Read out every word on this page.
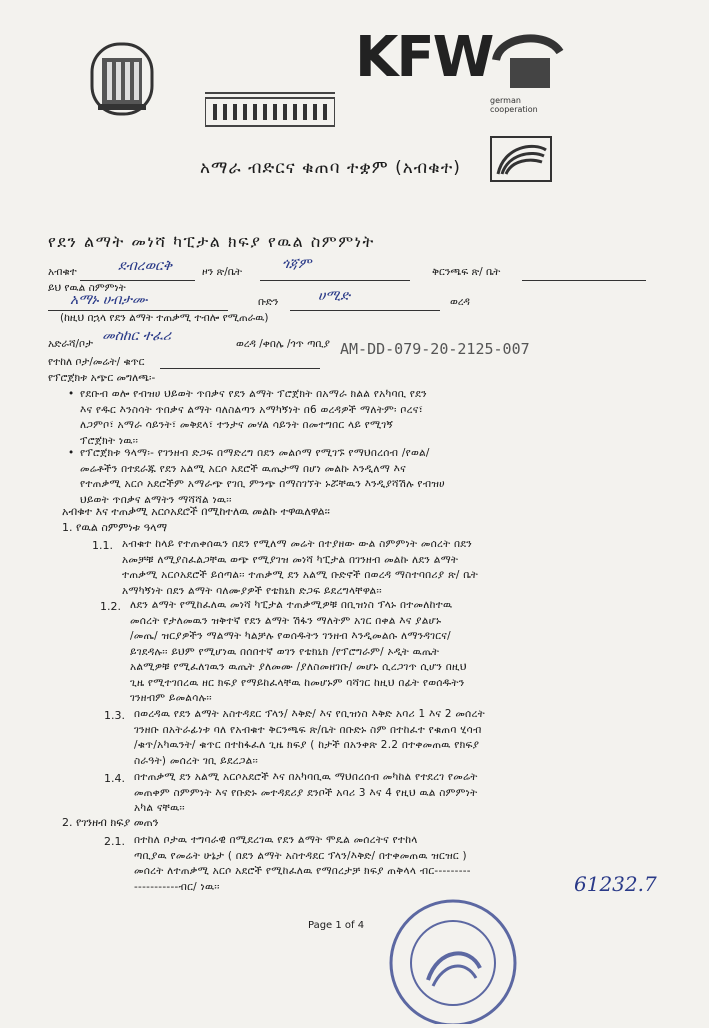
KFW
german cooperation
አማራ ብድርና ቁጠባ ተቋም (አብቁተ)
የደን ልማት መነሻ ካፒታል ክፍያ የዉል ስምምነት
አብቁተ	ደብረወርቅ	ዞን ጽ/ቤት	ጎጃም	ቅርንጫፍ ጽ/ ቤት
ይህ የዉል ስምምነት
አማኑ ሀብታሙ	ቡድን	ሀሚድ	ወረዳ
(ከዚህ በኋላ የደን ልማት ተጠቃሚ ተብሎ የሚጠራዉ)
አድራሻ/ቦታ መስከር ተፈሪ	ወረዳ /ቀበሌ /ጎጥ ጣቢያ
የተከለ ቦታ/መሬት/ ቁጥር
AM-DD-079-20-2125-007
የፕሮጀክቱ አጭር መግለጫ፡-
• የደቡብ ወሎ የብዝሀ ህይወት ጥበቃና የደን ልማት ፕሮጀክት በአማራ ክልል የአካባቢ የደን
እና የዱር እንስሳት ጥበቃና ልማት ባለስልጣን አማካኝነት በ6 ወረዳዎች ማለትም፡ ቦረና፣
ለጋምቦ፣ አማራ ሳይንት፣ መቅደላ፣ ተንታና መሃል ሳይንት በመተግበር ላይ የሚገኝ
ፕሮጀክት ነዉ፡፡
• የፕሮጀክቱ ዓላማ፡- የገንዘብ ድጋፍ በማድረግ በደን መልሶማ የሚገኙ የማህበረሰብ /የወል/
መሬቶችን በተደራጁ የደን አልሚ አርሶ አደሮች ዉጤታማ በሆነ መልኩ እንዲለማ እና
የተጠቃሚ አርሶ አደሮችም አማራጭ የገቢ ምንጭ በማስገኘት ኑሯቸዉን እንዲያሻሽሉ የብዝሀ
ህይወት ጥበቃና ልማትን ማሻሻል ነዉ፡፡
አብቁተ እና ተጠቃሚ አርሶአደሮች በሚከተለዉ መልኩ ተዋዉለዋል፡፡
1. የዉል ስምምነቱ ዓላማ
1.1. አብቁተ ከላይ የተጠቀሰዉን በደን የሚለማ መሬት በተያዘው ውል ስምምነት መሰረት በደን
አመቻቹ ለሚያስፈልጋቸዉ ወጭ የሚያገዝ መነሻ ካፒታል በገንዘብ መልኩ ለደን ልማት
ተጠቃሚ አርሶአደሮች ይሰጣል፡፡ ተጠቃሚ ደን አልሚ ቡድኖች በወረዳ ማስተባበሪያ ጽ/ ቤት
አማካኝነት በደን ልማት ባለሙያዎች የቴክኒክ ድጋፍ ይደረግላቸዋል፡፡
1.2. ለደን ልማት የሚከፈለዉ መነሻ ካፒታል ተጠቃሚዎቹ በቢዝነስ ፕላኑ በተመለከተዉ
መሰረት የታለመዉን ዝቅተኛ የደን ልማት ሽፋን ማለትም አገር በቀል እና ያልሆኑ
/መጤ/ ዝርያዎችን ማልማት ካልቻሉ የወሰዱትን ገንዘብ እንዲመልሱ ለማንዳገርና/
ይገደዳሉ፡፡ ይህም የሚሆነዉ በሰበተኛ ወገን የቴክኒክ /የፕሮግራም/ ኦዲት ዉጤት
አልሚዎቹ የሚፈለገዉን ዉጤት ያለመሙ /ያለስመዘገቡ/ መሆኑ ሲረጋገጥ ሲሆን በዚህ
ጊዜ የሚተገበረዉ ዘር ክፍያ የማይከፈላቸዉ ከመሆኑም ባሻገር ከዚህ በፊት የወሰዱትን
ገንዘብም ይመልሳሉ፡፡
1.3. በወረዳዉ የደን ልማት አስተዳደር ፕላን/ እቅድ/ እና የቢዝነስ እቅድ አባሪ 1 እና 2 መሰረት
ገንዘቡ በአትራፊነቱ ባለ የአብቁተ ቅርንጫፍ ጽ/ቤት በቡድኑ ስም በተከፈተ የቁጠባ ሂሳብ
/ቁጥ/አካዉንት/ ቁጥር በተከፋፈለ ጊዜ ክፍያ ( ከታች በአንቀጽ 2.2 በተቀመጠዉ የክፍያ
ስራዓት) መሰረት ገቢ ይደረጋል፡፡
1.4. በተጠቃሚ ደን አልሚ አርሶአደሮች እና በአካባቢዉ ማህበረሰብ መካከል የተደረገ የመሬት
መጠቀም ስምምነት እና የቡድኑ መተዳደሪያ ደንቦች አባሪ 3 እና 4 የዚህ ዉል ስምምነት
አካል ናቸዉ፡፡
2. የገንዘብ ክፍያ መጠን
2.1. በተከለ ቦታዉ ተግባራዊ በሚደረገዉ የደን ልማት ሞዴል መሰረትና የተከላ
ጣቢያዉ የመሬት ሁኔታ ( በደን ልማት አስተዳደር ፕላን/እቅድ/ በተቀመጠዉ ዝርዝር )
መሰረት ለተጠቃሚ አርሶ አደሮች የሚከፈለዉ የማበረታቻ ክፍያ ጠቅላላ ብር---------
-----------ብር/ ነዉ፡፡	61232.7
Page 1 of 4
